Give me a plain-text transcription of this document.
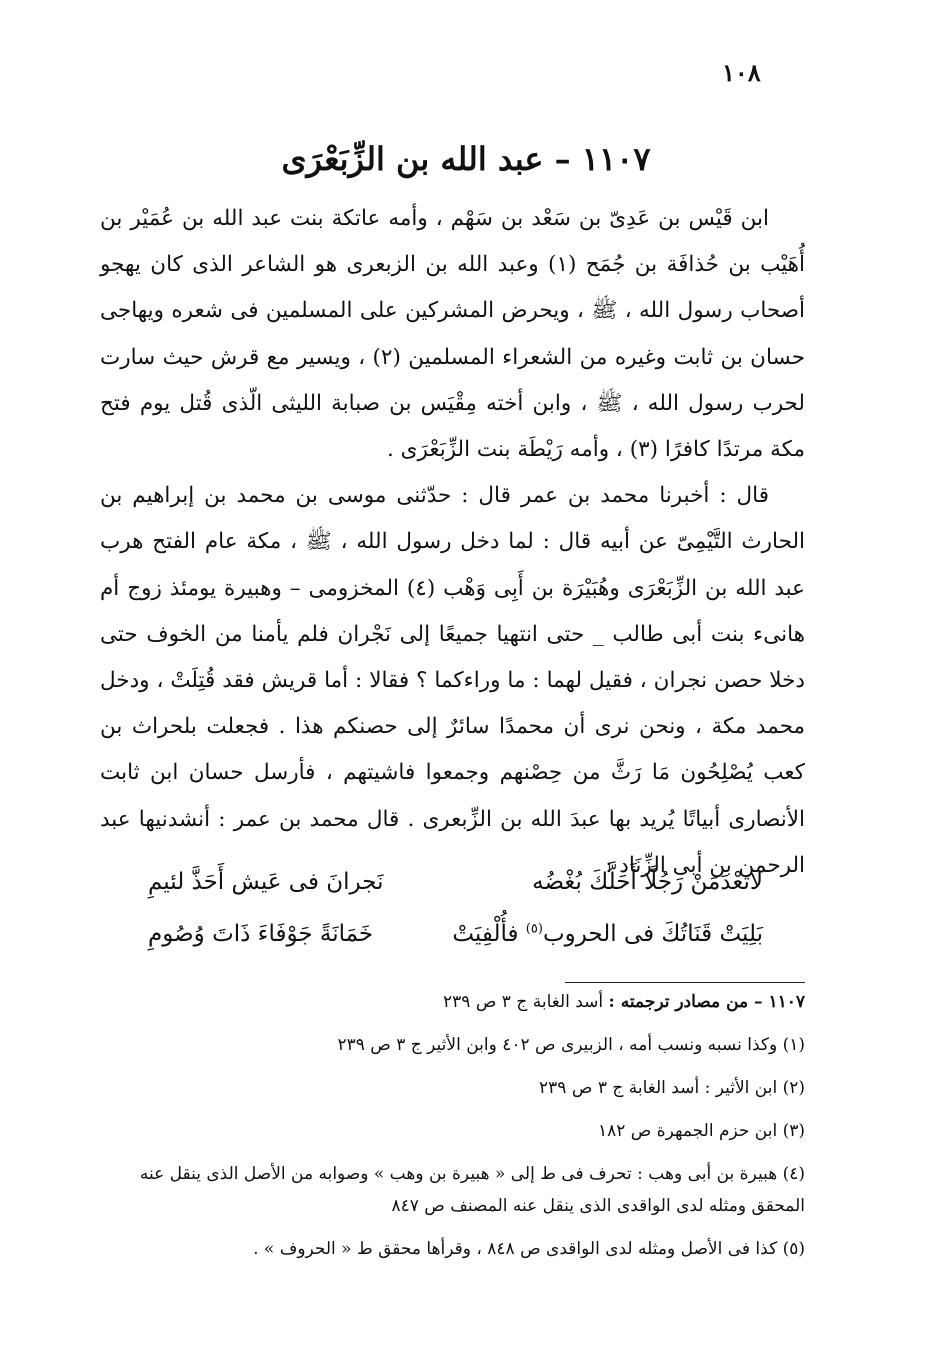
١٠٨
١١٠٧ – عبد الله بن الزِّبَعْرَى

ابن قَيْس بن عَدِىّ بن سَعْد بن سَهْم ، وأمه عاتكة بنت عبد الله بن عُمَيْر بن أُهَيْب بن حُذافَة بن جُمَح (١) وعبد الله بن الزبعرى هو الشاعر الذى كان يهجو أصحاب رسول الله ، ﷺ ، ويحرض المشركين على المسلمين فى شعره ويهاجى حسان بن ثابت وغيره من الشعراء المسلمين (٢) ، ويسير مع قرش حيث سارت لحرب رسول الله ، ﷺ ، وابن أخته مِقْيَس بن صبابة الليثى الّذى قُتل يوم فتح مكة مرتدًا كافرًا (٣) ، وأمه رَيْطَة بنت الزِّبَعْرَى .

قال : أخبرنا محمد بن عمر قال : حدّثنى موسى بن محمد بن إبراهيم بن الحارث التَّيْمِىّ عن أبيه قال : لما دخل رسول الله ، ﷺ ، مكة عام الفتح هرب عبد الله بن الزِّبَعْرَى وهُبَيْرَة بن أَبِى وَهْب (٤) المخزومى – وهبيرة يومئذ زوج أم هانىء بنت أبى طالب _ حتى انتهيا جميعًا إلى نَجْران فلم يأمنا من الخوف حتى دخلا حصن نجران ، فقيل لهما : ما وراءكما ؟ فقالا : أما قريش فقد قُتِلَتْ ، ودخل محمد مكة ، ونحن نرى أن محمدًا سائرٌ إلى حصنكم هذا . فجعلت بلحراث بن كعب يُصْلِحُون مَا رَثَّ من حِصْنهم وجمعوا فاشيتهم ، فأرسل حسان ابن ثابت الأنصارى أبياتًا يُريد بها عبدَ الله بن الزِّبعرى . قال محمد بن عمر : أنشدنيها عبد الرحمن بن أبى الزِّنَاد :

لاتَعْدَمَنْ رَجُلًا أَحَلَّكَ بُغْضُه
نَجرانَ فى عَيش أَحَذَّ لئيمِ
بَلِيَتْ قَنَاتُكَ فى الحروب$^{(٥)}$ فأُلْفِيَتْ
خَمَانَةً جَوْفَاءَ ذَاتَ وُصُومِ
١١٠٧ – من مصادر ترجمته : أسد الغابة ج ٣ ص ٢٣٩
(١) وكذا نسبه ونسب أمه ، الزبيرى ص ٤٠٢ وابن الأثير ج ٣ ص ٢٣٩
(٢) ابن الأثير : أسد الغابة ج ٣ ص ٢٣٩
(٣) ابن حزم الجمهرة ص ١٨٢
(٤) هبيرة بن أبى وهب : تحرف فى ط إلى « هبيرة بن وهب » وصوابه من الأصل الذى ينقل عنه المحقق ومثله لدى الواقدى الذى ينقل عنه المصنف ص ٨٤٧
(٥) كذا فى الأصل ومثله لدى الواقدى ص ٨٤٨ ، وقرأها محقق ط « الحروف » .
